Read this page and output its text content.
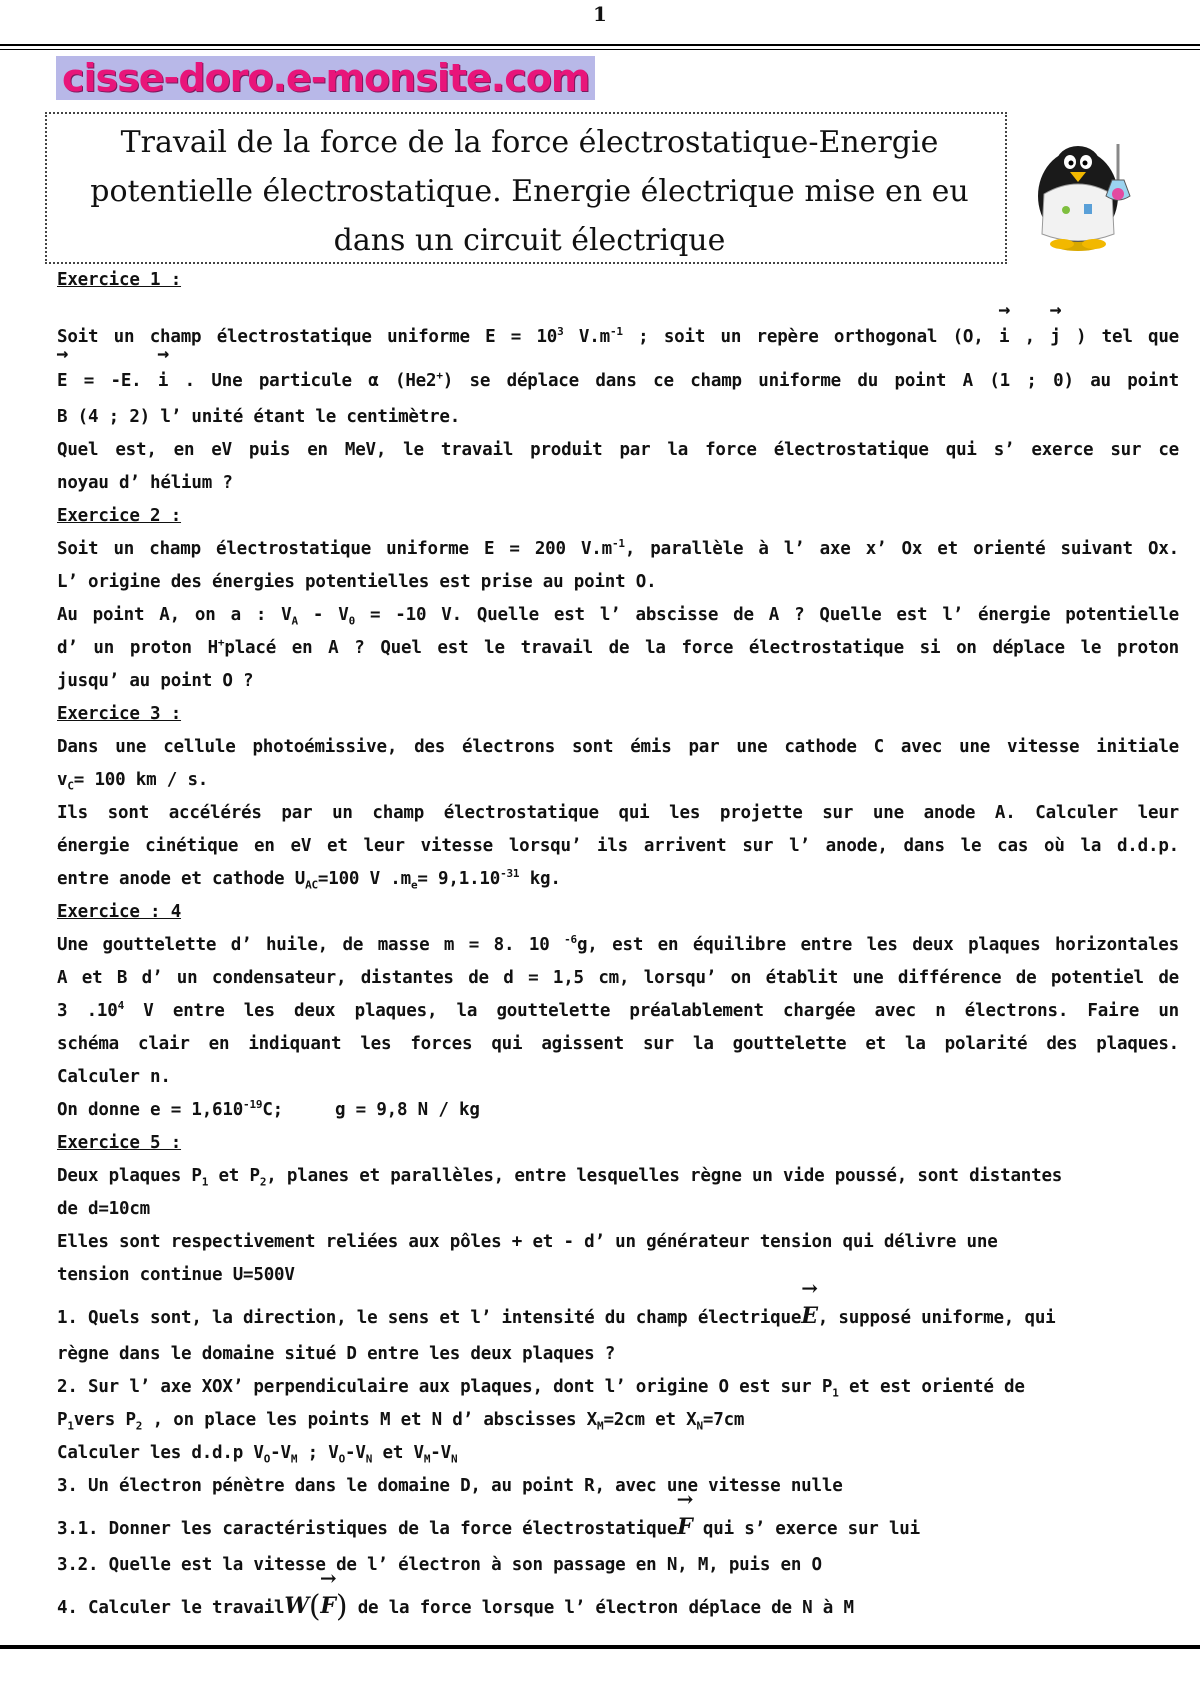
1
cisse-doro.e-monsite.com
Travail de la force de la force électrostatique-Energie
potentielle électrostatique. Energie électrique mise en eu
dans un circuit électrique

Exercice 1 :

Soit un champ électrostatique uniforme $E = 10^3$ $V.m^{-1}$ ; soit un repère orthogonal (O, → i , → j ) tel que

→ E = -E. → i . Une particule α (He2+) se déplace dans ce champ uniforme du point A (1 ; 0) au point

B (4 ; 2) l’ unité étant le centimètre.

Quel est, en eV puis en MeV, le travail produit par la force électrostatique qui s’ exerce sur ce

noyau d’ hélium ?

Exercice 2 :

Soit un champ électrostatique uniforme E = 200 $V.m^{-1}$, parallèle à l’ axe x’ Ox et orienté suivant Ox.

L’ origine des énergies potentielles est prise au point O.

Au point A, on a : $V_A - V_0 = -10$ V. Quelle est l’ abscisse de A ? Quelle est l’ énergie potentielle

d’ un proton H+placé en A ? Quel est le travail de la force électrostatique si on déplace le proton

jusqu’ au point O ?

Exercice 3 :

Dans une cellule photoémissive, des électrons sont émis par une cathode C avec une vitesse initiale

$v_C= 100$ km / s.

Ils sont accélérés par un champ électrostatique qui les projette sur une anode A. Calculer leur

énergie cinétique en eV et leur vitesse lorsqu’ ils arrivent sur l’ anode, dans le cas où la d.d.p.

entre anode et cathode $U_{AC}=100$ V $.m_e= 9,1.10^{-31}$ kg.

Exercice : 4

Une gouttelette d’ huile, de masse m = 8. 10 $^{-6}$g, est en équilibre entre les deux plaques horizontales

A et B d’ un condensateur, distantes de d = 1,5 cm, lorsqu’ on établit une différence de potentiel de

3 $.10^4$ V entre les deux plaques, la gouttelette préalablement chargée avec n électrons. Faire un

schéma clair en indiquant les forces qui agissent sur la gouttelette et la polarité des plaques.

Calculer n.

On donne $e = 1,610^{-19}C$;	g = 9,8 N / kg

Exercice 5 :

Deux plaques $P_1$ et $P_2$, planes et parallèles, entre lesquelles règne un vide poussé, sont distantes

de d=10cm

Elles sont respectivement reliées aux pôles + et - d’ un générateur tension qui délivre une

tension continue U=500V

1. Quels sont, la direction, le sens et l’ intensité du champ électrique→ E, supposé uniforme, qui

règne dans le domaine situé D entre les deux plaques ?

2. Sur l’ axe XOX’ perpendiculaire aux plaques, dont l’ origine O est sur $P_1$ et est orienté de

$P_1vers$ $P_2$ , on place les points M et N d’ abscisses $X_M=2cm$ et $X_N=7cm$

Calculer les d.d.p $V_O-V_M$ ; $V_O-V_N$ et $V_M-V_N$

3. Un électron pénètre dans le domaine D, au point R, avec une vitesse nulle

3.1. Donner les caractéristiques de la force électrostatique→ F qui s’ exerce sur lui

3.2. Quelle est la vitesse de l’ électron à son passage en N, M, puis en O

4. Calculer le travailW(→ F) de la force lorsque l’ électron déplace de N à M
